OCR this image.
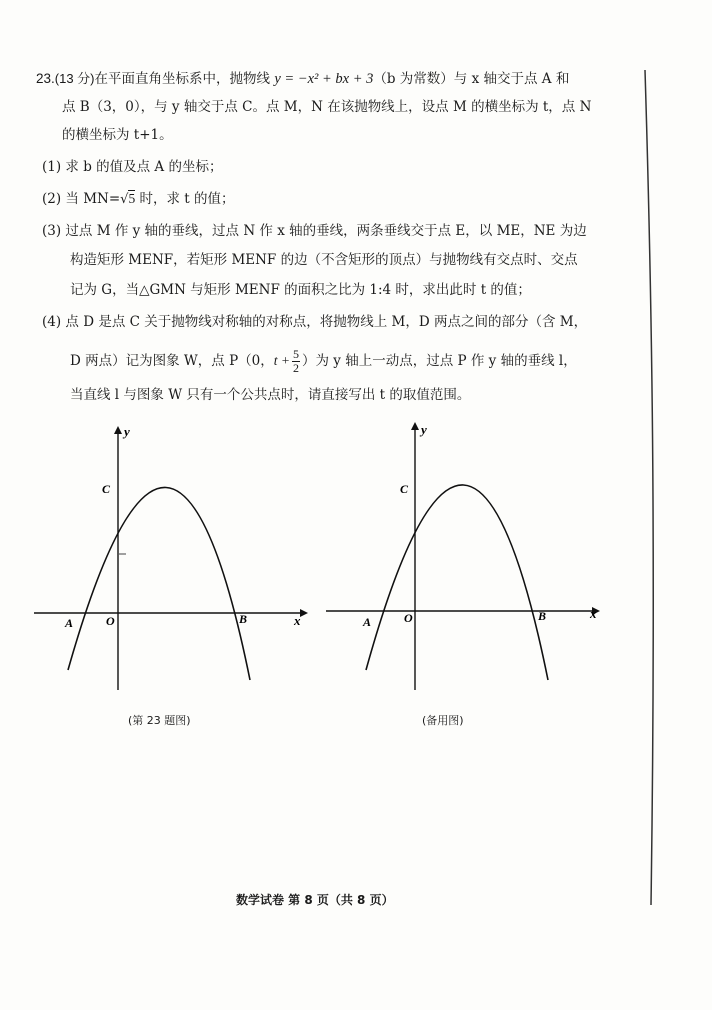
23.(13 分)在平面直角坐标系中，抛物线 y = −x² + bx + 3（b 为常数）与 x 轴交于点 A 和
点 B（3，0），与 y 轴交于点 C。点 M，N 在该抛物线上，设点 M 的横坐标为 t，点 N
的横坐标为 t+1。
(1) 求 b 的值及点 A 的坐标；
(2) 当 MN=√5 时，求 t 的值；
(3) 过点 M 作 y 轴的垂线，过点 N 作 x 轴的垂线，两条垂线交于点 E，以 ME，NE 为边
构造矩形 MENF，若矩形 MENF 的边（不含矩形的顶点）与抛物线有交点时、交点
记为 G，当△GMN 与矩形 MENF 的面积之比为 1:4 时，求出此时 t 的值；
(4) 点 D 是点 C 关于抛物线对称轴的对称点，将抛物线上 M，D 两点之间的部分（含 M，
D 两点）记为图象 W，点 P（0，$t + \frac{5}{2}$ ）为 y 轴上一动点，过点 P 作 y 轴的垂线 l，
当直线 l 与图象 W 只有一个公共点时，请直接写出 t 的取值范围。
y
x
O
A	B
C
y
x
O
A	B
C
(第 23 题图)	(备用图)
数学试卷 第 8 页（共 8 页）
